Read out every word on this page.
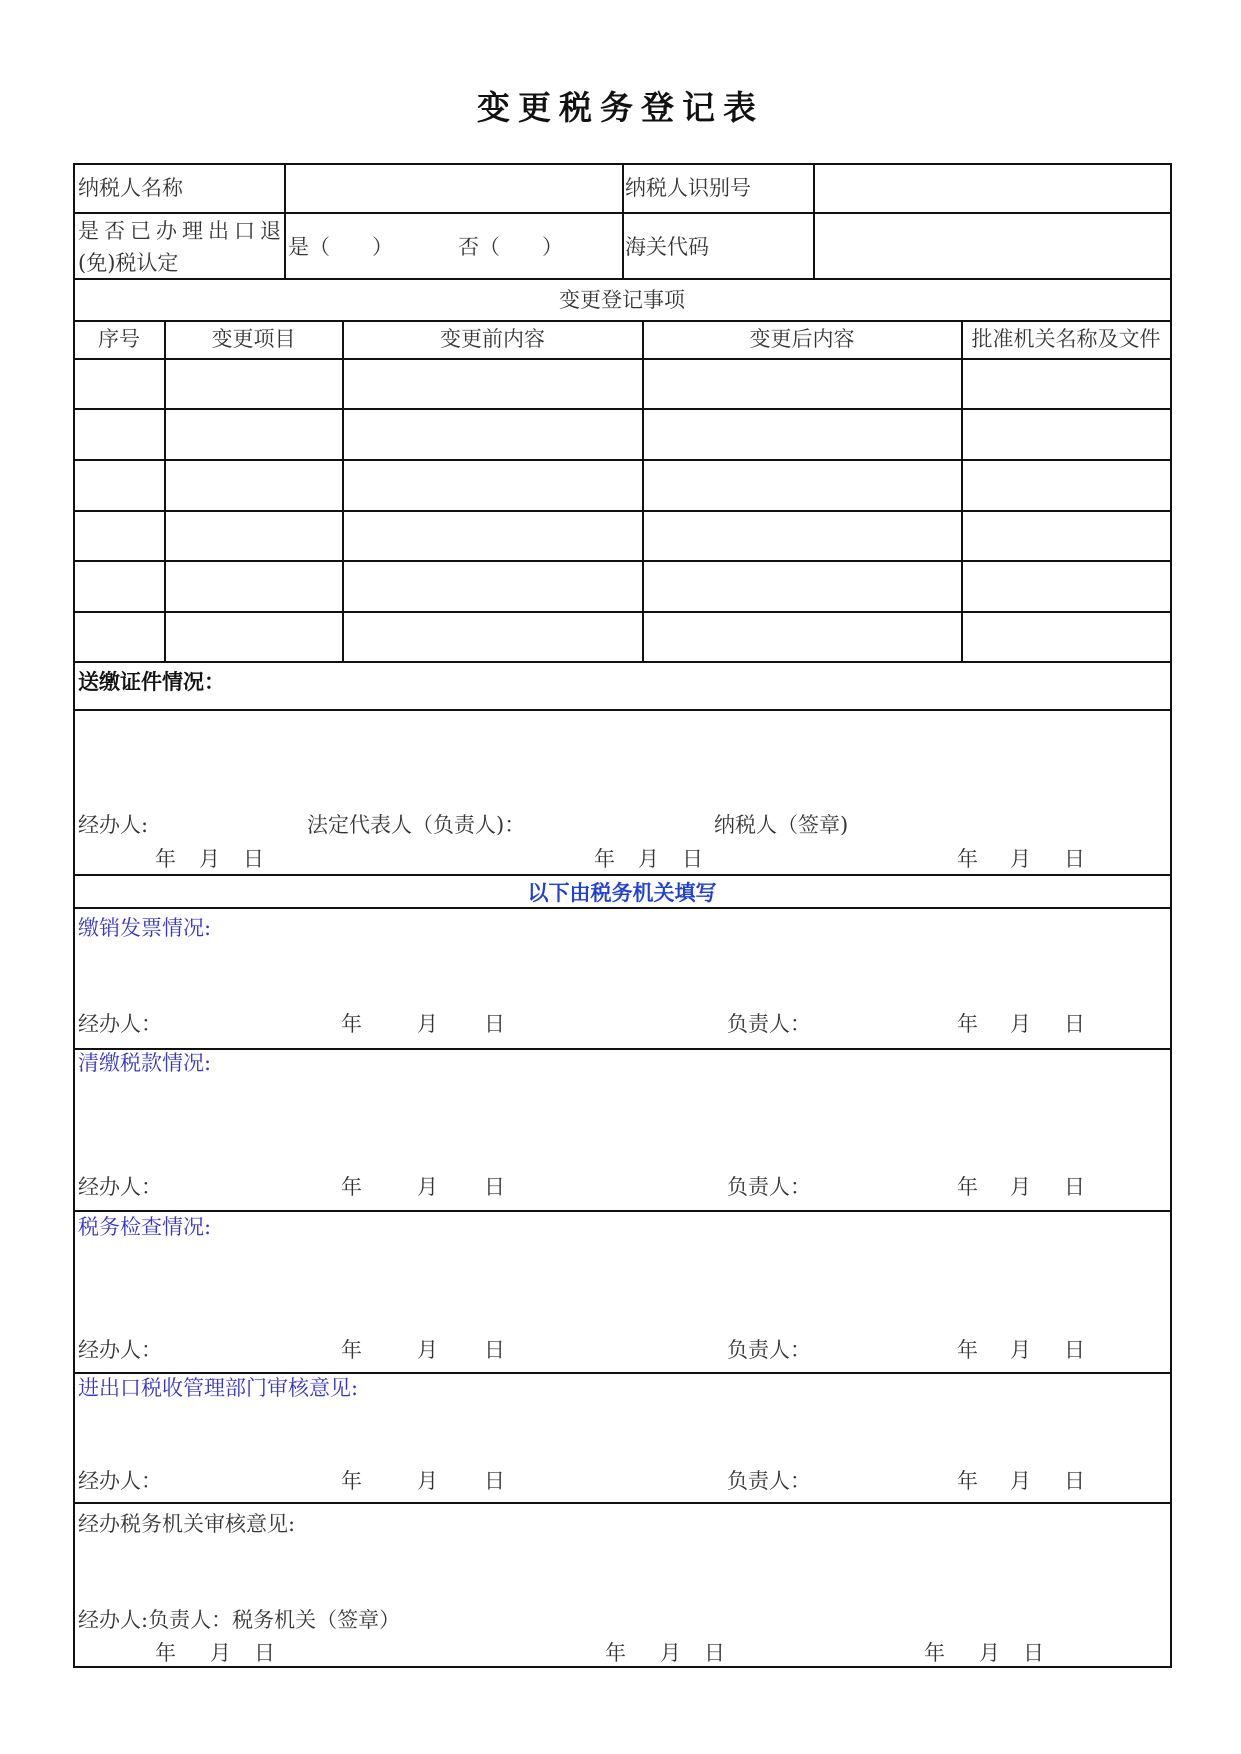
变更税务登记表
纳税人名称	纳税人识别号
是否已办理出口退
(免)税认定
是（　　）	否（　　）	海关代码
变更登记事项
序号	变更项目	变更前内容	变更后内容	批准机关名称及文件
送缴证件情况：
经办人:	法定代表人（负责人)：	纳税人（签章)
年 月 日	年 月 日	年 月 日
以下由税务机关填写
缴销发票情况:
经办人：	年	月 日	负责人：	年 月 日
清缴税款情况:
经办人：	年	月 日	负责人：	年 月 日
税务检查情况:
经办人：	年	月 日	负责人：	年 月 日
进出口税收管理部门审核意见:
经办人：	年	月 日	负责人：	年 月 日
经办税务机关审核意见:
经办人:负责人：税务机关（签章）
年 月 日	年 月 日	年 月 日
